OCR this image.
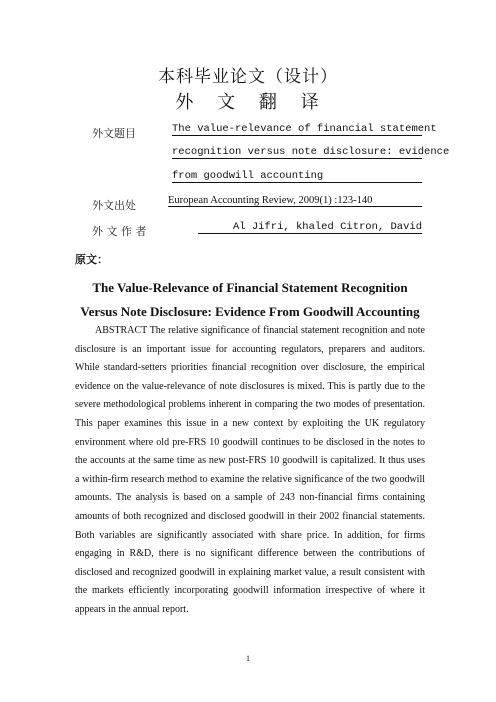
本科毕业论文（设计）
外 文 翻 译
外文题目	The value-relevance of financial statement
recognition versus note disclosure: evidence
from goodwill accounting
外文出处	European Accounting Review, 2009(1) :123-140
外 文 作 者	Al Jifri, khaled Citron, David
原文：
The Value-Relevance of Financial Statement Recognition Versus Note Disclosure: Evidence From Goodwill Accounting
ABSTRACT The relative significance of financial statement recognition and note disclosure is an important issue for accounting regulators, preparers and auditors. While standard-setters priorities financial recognition over disclosure, the empirical evidence on the value-relevance of note disclosures is mixed. This is partly due to the severe methodological problems inherent in comparing the two modes of presentation. This paper examines this issue in a new context by exploiting the UK regulatory environment where old pre-FRS 10 goodwill continues to be disclosed in the notes to the accounts at the same time as new post-FRS 10 goodwill is capitalized. It thus uses a within-firm research method to examine the relative significance of the two goodwill amounts. The analysis is based on a sample of 243 non-financial firms containing amounts of both recognized and disclosed goodwill in their 2002 financial statements. Both variables are significantly associated with share price. In addition, for firms engaging in R&D, there is no significant difference between the contributions of disclosed and recognized goodwill in explaining market value, a result consistent with the markets efficiently incorporating goodwill information irrespective of where it appears in the annual report.
1
